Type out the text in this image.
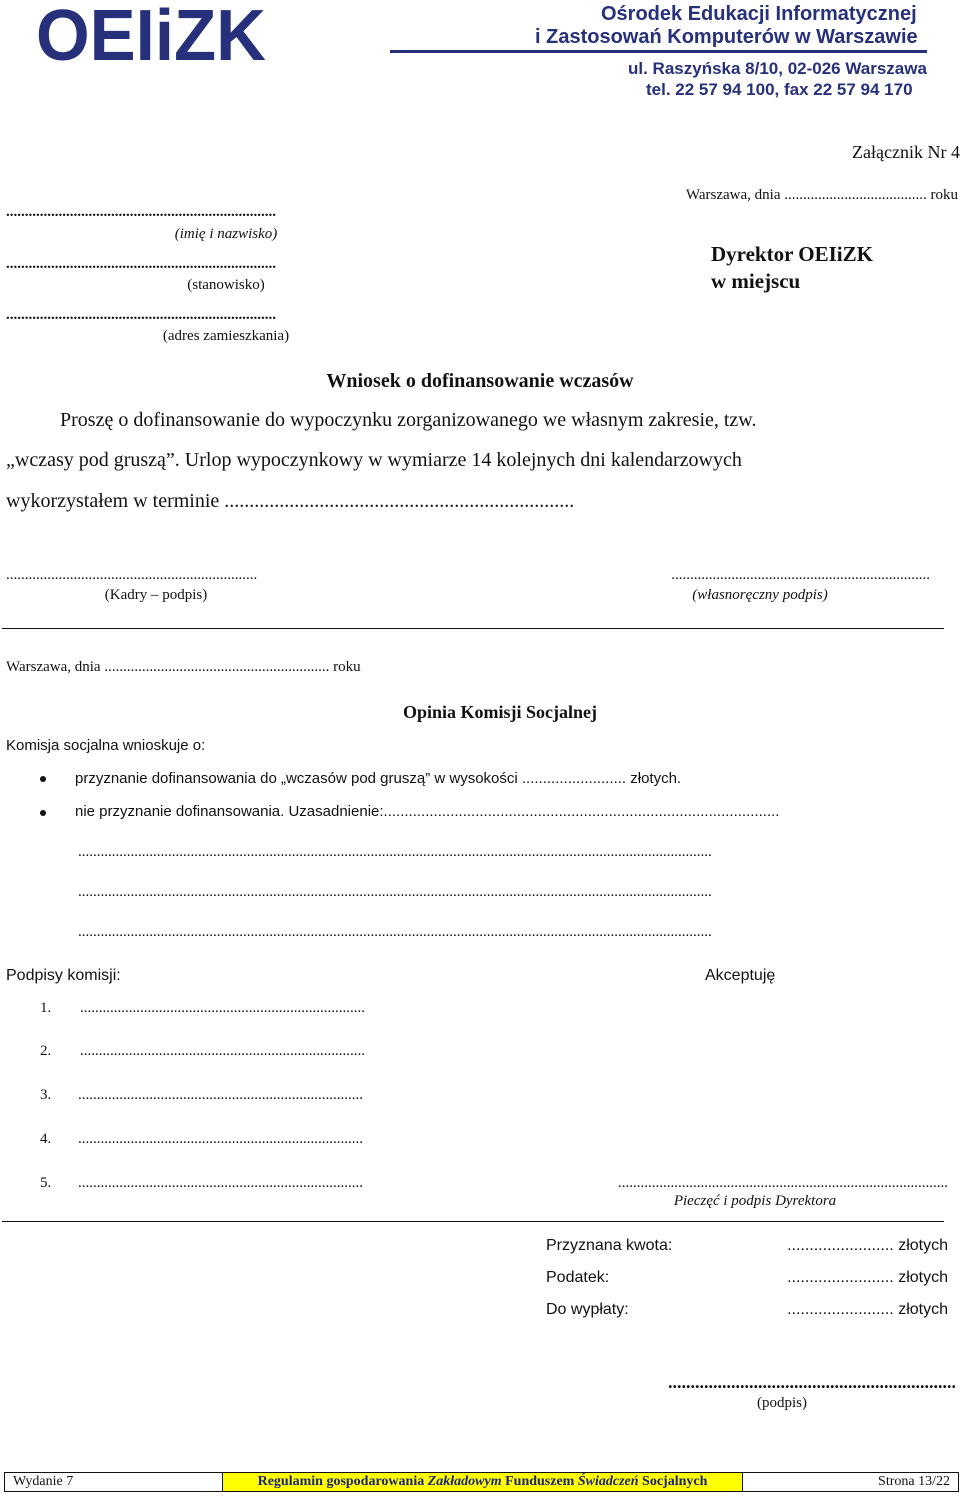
OEIiZK	Ośrodek Edukacji Informatycznej
i Zastosowań Komputerów w Warszawie
ul. Raszyńska 8/10, 02-026 Warszawa
tel. 22 57 94 100, fax 22 57 94 170
Załącznik Nr 4
Warszawa, dnia ...................................... roku
........................................................................
(imię i nazwisko)
........................................................................
(stanowisko)
........................................................................
(adres zamieszkania)
Dyrektor OEIiZK
w miejscu
Wniosek o dofinansowanie wczasów
Proszę o dofinansowanie do wypoczynku zorganizowanego we własnym zakresie, tzw.
„wczasy pod gruszą”. Urlop wypoczynkowy w wymiarze 14 kolejnych dni kalendarzowych
wykorzystałem w terminie ......................................................................
...................................................................
(Kadry – podpis)
.....................................................................
(własnoręczny podpis)
Warszawa, dnia ............................................................ roku
Opinia Komisji Socjalnej
Komisja socjalna wnioskuje o:
przyznanie dofinansowania do „wczasów pod gruszą” w wysokości ......................... złotych.
nie przyznanie dofinansowania. Uzasadnienie:...............................................................................................
.........................................................................................................................................................................
.........................................................................................................................................................................
.........................................................................................................................................................................
Podpisy komisji:	Akceptuję
1. ............................................................................
2. ............................................................................
3. ............................................................................
4. ............................................................................
5. ............................................................................	........................................................................................
Pieczęć i podpis Dyrektora
Przyznana kwota:	........................ złotych
Podatek:	........................ złotych
Do wypłaty:	........................ złotych
................................................................
(podpis)
Wydanie 7	Regulamin gospodarowania Zakładowym Funduszem Świadczeń Socjalnych	Strona 13/22
